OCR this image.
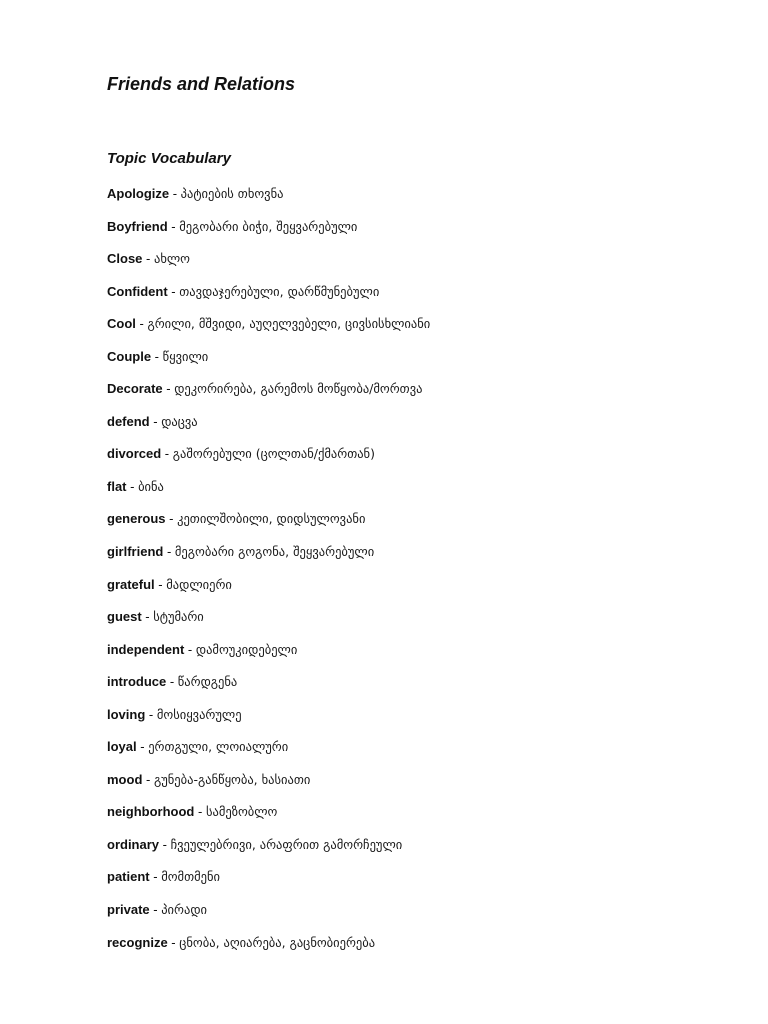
Friends and Relations
Topic Vocabulary
Apologize - პატიების თხოვნა
Boyfriend - მეგობარი ბიჭი, შეყვარებული
Close - ახლო
Confident - თავდაჯერებული, დარწმუნებული
Cool - გრილი, მშვიდი, აუღელვებელი, ცივსისხლიანი
Couple - წყვილი
Decorate - დეკორირება, გარემოს მოწყობა/მორთვა
defend - დაცვა
divorced - გაშორებული (ცოლთან/ქმართან)
flat - ბინა
generous - კეთილშობილი, დიდსულოვანი
girlfriend - მეგობარი გოგონა, შეყვარებული
grateful - მადლიერი
guest - სტუმარი
independent - დამოუკიდებელი
introduce - წარდგენა
loving - მოსიყვარულე
loyal - ერთგული, ლოიალური
mood - გუნება-განწყობა, ხასიათი
neighborhood - სამეზობლო
ordinary - ჩვეულებრივი, არაფრით გამორჩეული
patient - მომთმენი
private - პირადი
recognize - ცნობა, აღიარება, გაცნობიერება
